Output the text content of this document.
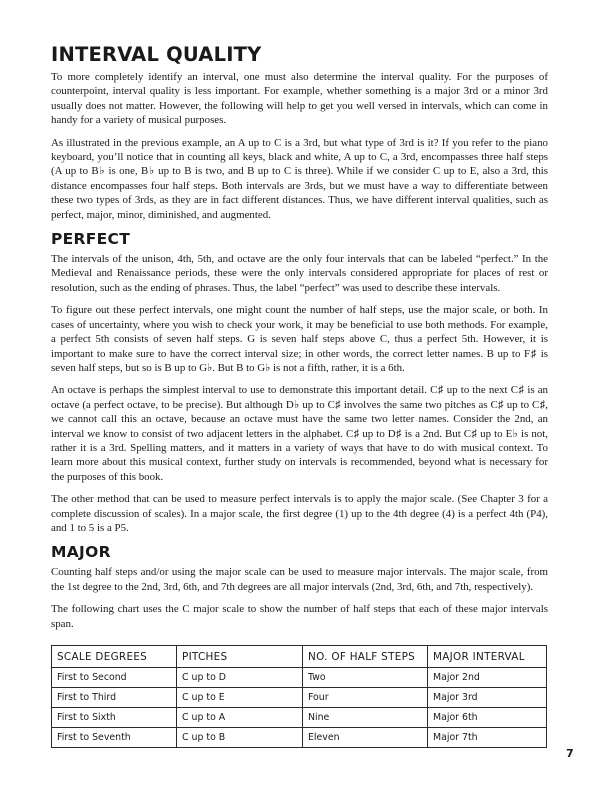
INTERVAL QUALITY

To more completely identify an interval, one must also determine the interval quality. For the purposes of counterpoint, interval quality is less important. For example, whether something is a major 3rd or a minor 3rd usually does not matter. However, the following will help to get you well versed in intervals, which can come in handy for a variety of musical purposes.

As illustrated in the previous example, an A up to C is a 3rd, but what type of 3rd is it? If you refer to the piano keyboard, you’ll notice that in counting all keys, black and white, A up to C, a 3rd, encompasses three half steps (A up to B♭ is one, B♭ up to B is two, and B up to C is three). While if we consider C up to E, also a 3rd, this distance encompasses four half steps. Both intervals are 3rds, but we must have a way to differentiate between these two types of 3rds, as they are in fact different distances. Thus, we have different interval qualities, such as perfect, major, minor, diminished, and augmented.

PERFECT

The intervals of the unison, 4th, 5th, and octave are the only four intervals that can be labeled “perfect.” In the Medieval and Renaissance periods, these were the only intervals considered appropriate for places of rest or resolution, such as the ending of phrases. Thus, the label “perfect” was used to describe these intervals.

To figure out these perfect intervals, one might count the number of half steps, use the major scale, or both. In cases of uncertainty, where you wish to check your work, it may be beneficial to use both methods. For example, a perfect 5th consists of seven half steps. G is seven half steps above C, thus a perfect 5th. However, it is important to make sure to have the correct interval size; in other words, the correct letter names. B up to F♯ is seven half steps, but so is B up to G♭. But B to G♭ is not a fifth, rather, it is a 6th.

An octave is perhaps the simplest interval to use to demonstrate this important detail. C♯ up to the next C♯ is an octave (a perfect octave, to be precise). But although D♭ up to C♯ involves the same two pitches as C♯ up to C♯, we cannot call this an octave, because an octave must have the same two letter names. Consider the 2nd, an interval we know to consist of two adjacent letters in the alphabet. C♯ up to D♯ is a 2nd. But C♯ up to E♭ is not, rather it is a 3rd. Spelling matters, and it matters in a variety of ways that have to do with musical context. To learn more about this musical context, further study on intervals is recommended, beyond what is necessary for the purposes of this book.

The other method that can be used to measure perfect intervals is to apply the major scale. (See Chapter 3 for a complete discussion of scales). In a major scale, the first degree (1) up to the 4th degree (4) is a perfect 4th (P4), and 1 to 5 is a P5.

MAJOR

Counting half steps and/or using the major scale can be used to measure major intervals. The major scale, from the 1st degree to the 2nd, 3rd, 6th, and 7th degrees are all major intervals (2nd, 3rd, 6th, and 7th, respectively).

The following chart uses the C major scale to show the number of half steps that each of these major intervals span.

SCALE DEGREES	PITCHES	NO. OF HALF STEPS	MAJOR INTERVAL
First to Second	C up to D	Two	Major 2nd
First to Third	C up to E	Four	Major 3rd
First to Sixth	C up to A	Nine	Major 6th
First to Seventh	C up to B	Eleven	Major 7th
7
